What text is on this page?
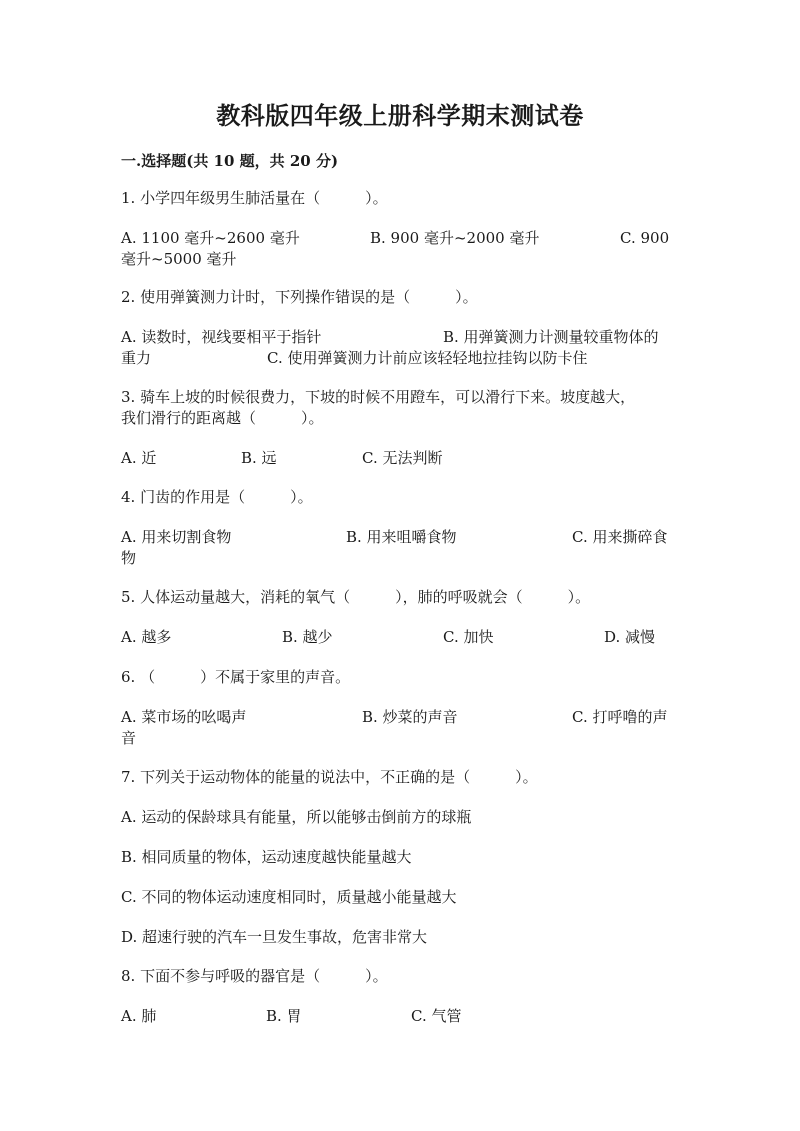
教科版四年级上册科学期末测试卷
一.选择题(共 10 题，共 20 分)
1. 小学四年级男生肺活量在（　　　）。
A. 1100 毫升~2600 毫升	B. 900 毫升~2000 毫升	C. 900
毫升~5000 毫升
2. 使用弹簧测力计时，下列操作错误的是（　　　）。
A. 读数时，视线要相平于指针	B. 用弹簧测力计测量较重物体的
重力	C. 使用弹簧测力计前应该轻轻地拉挂钩以防卡住
3. 骑车上坡的时候很费力，下坡的时候不用蹬车，可以滑行下来。坡度越大，
我们滑行的距离越（　　　）。
A. 近	B. 远	C. 无法判断
4. 门齿的作用是（　　　）。
A. 用来切割食物	B. 用来咀嚼食物	C. 用来撕碎食
物
5. 人体运动量越大，消耗的氧气（　　　），肺的呼吸就会（　　　）。
A. 越多	B. 越少	C. 加快	D. 减慢
6. （　　　）不属于家里的声音。
A. 菜市场的吆喝声	B. 炒菜的声音	C. 打呼噜的声
音
7. 下列关于运动物体的能量的说法中，不正确的是（　　　）。
A. 运动的保龄球具有能量，所以能够击倒前方的球瓶
B. 相同质量的物体，运动速度越快能量越大
C. 不同的物体运动速度相同时，质量越小能量越大
D. 超速行驶的汽车一旦发生事故，危害非常大
8. 下面不参与呼吸的器官是（　　　）。
A. 肺	B. 胃	C. 气管
